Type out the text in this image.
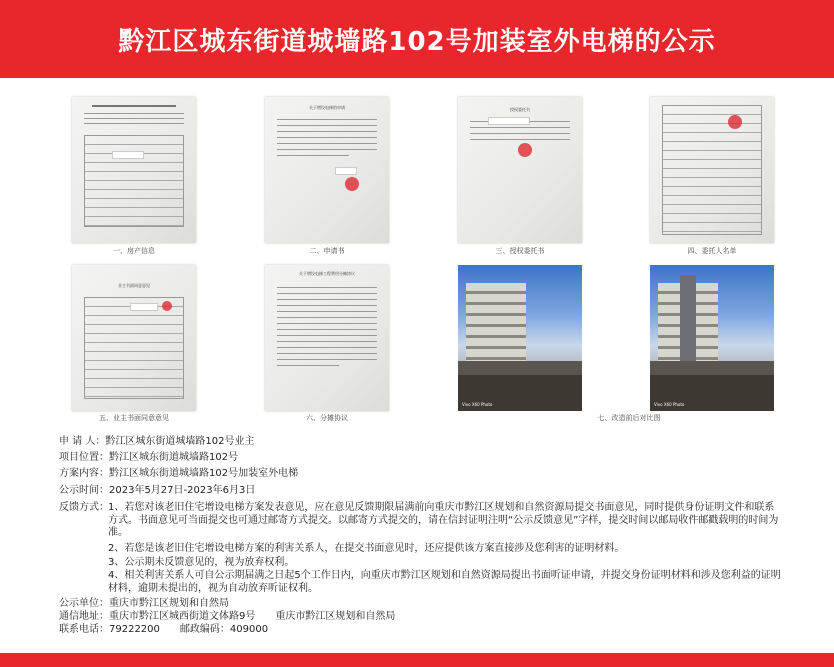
黔江区城东街道城墙路102号加装室外电梯的公示
一、房产信息
关于增设电梯的申请
二、申请书
授权委托书
三、授权委托书	四、委托人名单
业主书面同意意见
五、业主书面同意意见
关于增设电梯工程费用分摊协议
六、分摊协议
Vivo X60 Photo	Vivo X60 Photo
七、改造前后对比图
申 请 人：黔江区城东街道城墙路102号业主
项目位置：黔江区城东街道城墙路102号
方案内容：黔江区城东街道城墙路102号加装室外电梯
公示时间：2023年5月27日-2023年6月3日
反馈方式： 1、若您对该老旧住宅增设电梯方案发表意见，应在意见反馈期限届满前向重庆市黔江区规划和自然资源局提交书面意见，同时提供身份证明文件和联系方式。书面意见可当面提交也可通过邮寄方式提交。以邮寄方式提交的，请在信封证明注明“公示反馈意见”字样，提交时间以邮局收件邮戳载明的时间为准。
2、若您是该老旧住宅增设电梯方案的利害关系人，在提交书面意见时，还应提供该方案直接涉及您利害的证明材料。
3、公示期未反馈意见的，视为放弃权利。
4、相关利害关系人可自公示期届满之日起5个工作日内，向重庆市黔江区规划和自然资源局提出书面听证申请，并提交身份证明材料和涉及您利益的证明材料，逾期未提出的，视为自动放弃听证权利。
公示单位：重庆市黔江区规划和自然局
通信地址：重庆市黔江区城西街道文体路9号　　重庆市黔江区规划和自然局
联系电话：79222200　　邮政编码：409000
